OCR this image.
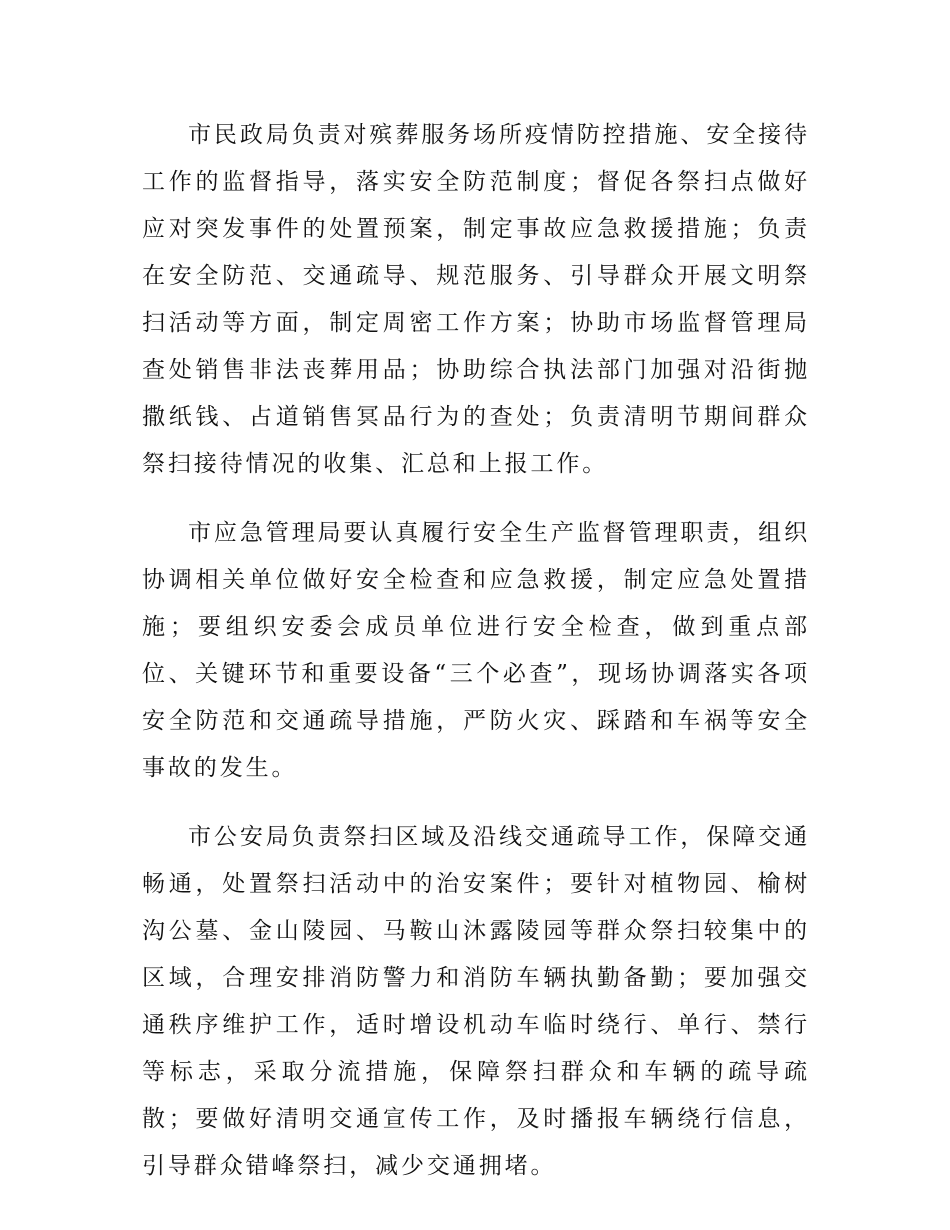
市民政局负责对殡葬服务场所疫情防控措施、安全接待工作的监督指导，落实安全防范制度；督促各祭扫点做好应对突发事件的处置预案，制定事故应急救援措施；负责在安全防范、交通疏导、规范服务、引导群众开展文明祭扫活动等方面，制定周密工作方案；协助市场监督管理局查处销售非法丧葬用品；协助综合执法部门加强对沿街抛撒纸钱、占道销售冥品行为的查处；负责清明节期间群众祭扫接待情况的收集、汇总和上报工作。

市应急管理局要认真履行安全生产监督管理职责，组织协调相关单位做好安全检查和应急救援，制定应急处置措施；要组织安委会成员单位进行安全检查，做到重点部位、关键环节和重要设备“三个必查”，现场协调落实各项安全防范和交通疏导措施，严防火灾、踩踏和车祸等安全事故的发生。

市公安局负责祭扫区域及沿线交通疏导工作，保障交通畅通，处置祭扫活动中的治安案件；要针对植物园、榆树沟公墓、金山陵园、马鞍山沐露陵园等群众祭扫较集中的区域，合理安排消防警力和消防车辆执勤备勤；要加强交通秩序维护工作，适时增设机动车临时绕行、单行、禁行等标志，采取分流措施，保障祭扫群众和车辆的疏导疏散；要做好清明交通宣传工作，及时播报车辆绕行信息，引导群众错峰祭扫，减少交通拥堵。
